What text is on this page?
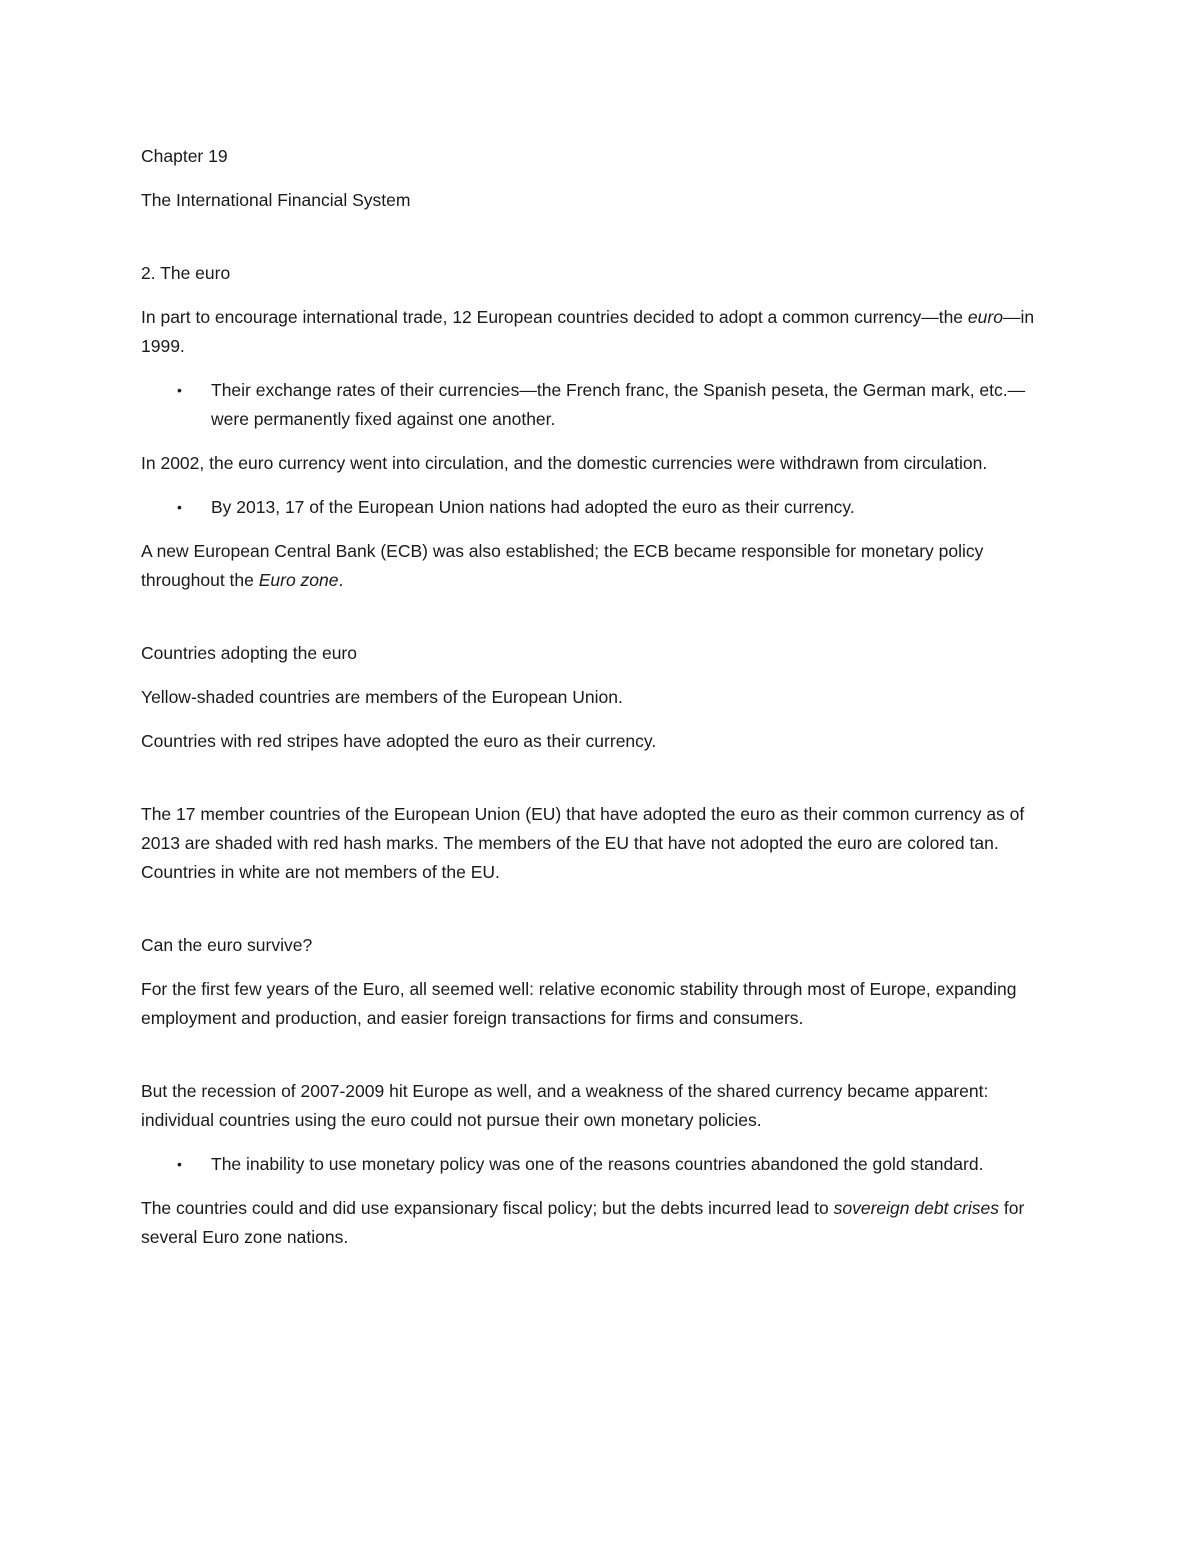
Chapter 19

The International Financial System

2. The euro

In part to encourage international trade, 12 European countries decided to adopt a common currency—the euro—in 1999.

• Their exchange rates of their currencies—the French franc, the Spanish peseta, the German mark, etc.—were permanently fixed against one another.

In 2002, the euro currency went into circulation, and the domestic currencies were withdrawn from circulation.

• By 2013, 17 of the European Union nations had adopted the euro as their currency.

A new European Central Bank (ECB) was also established; the ECB became responsible for monetary policy throughout the Euro zone.

Countries adopting the euro

Yellow-shaded countries are members of the European Union.

Countries with red stripes have adopted the euro as their currency.

The 17 member countries of the European Union (EU) that have adopted the euro as their common currency as of 2013 are shaded with red hash marks. The members of the EU that have not adopted the euro are colored tan. Countries in white are not members of the EU.

Can the euro survive?

For the first few years of the Euro, all seemed well: relative economic stability through most of Europe, expanding employment and production, and easier foreign transactions for firms and consumers.

But the recession of 2007-2009 hit Europe as well, and a weakness of the shared currency became apparent: individual countries using the euro could not pursue their own monetary policies.

• The inability to use monetary policy was one of the reasons countries abandoned the gold standard.

The countries could and did use expansionary fiscal policy; but the debts incurred lead to sovereign debt crises for several Euro zone nations.
